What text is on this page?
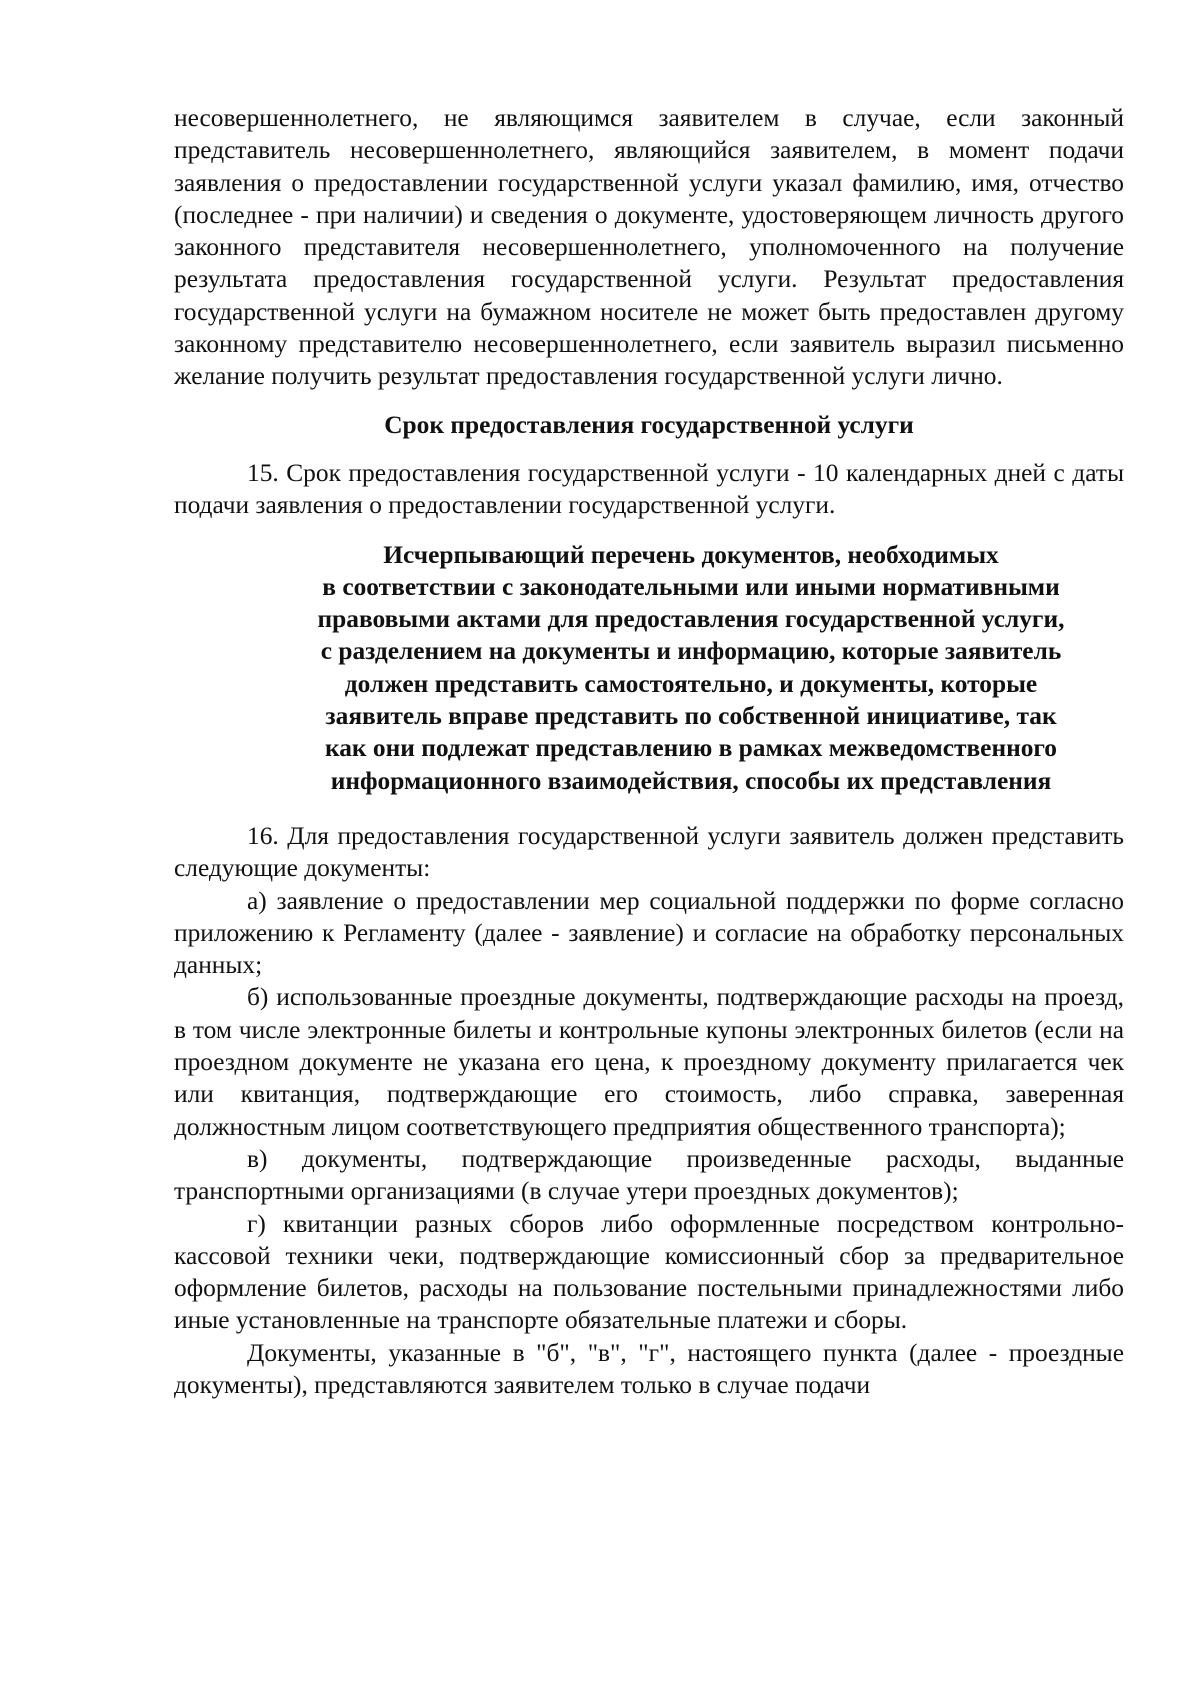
несовершеннолетнего, не являющимся заявителем в случае, если законный представитель несовершеннолетнего, являющийся заявителем, в момент подачи заявления о предоставлении государственной услуги указал фамилию, имя, отчество (последнее - при наличии) и сведения о документе, удостоверяющем личность другого законного представителя несовершеннолетнего, уполномоченного на получение результата предоставления государственной услуги. Результат предоставления государственной услуги на бумажном носителе не может быть предоставлен другому законному представителю несовершеннолетнего, если заявитель выразил письменно желание получить результат предоставления государственной услуги лично.

Срок предоставления государственной услуги

15. Срок предоставления государственной услуги - 10 календарных дней с даты подачи заявления о предоставлении государственной услуги.

Исчерпывающий перечень документов, необходимых
в соответствии с законодательными или иными нормативными
правовыми актами для предоставления государственной услуги,
с разделением на документы и информацию, которые заявитель
должен представить самостоятельно, и документы, которые
заявитель вправе представить по собственной инициативе, так
как они подлежат представлению в рамках межведомственного
информационного взаимодействия, способы их представления

16. Для предоставления государственной услуги заявитель должен представить следующие документы:

а) заявление о предоставлении мер социальной поддержки по форме согласно приложению к Регламенту (далее - заявление) и согласие на обработку персональных данных;

б) использованные проездные документы, подтверждающие расходы на проезд, в том числе электронные билеты и контрольные купоны электронных билетов (если на проездном документе не указана его цена, к проездному документу прилагается чек или квитанция, подтверждающие его стоимость, либо справка, заверенная должностным лицом соответствующего предприятия общественного транспорта);

в) документы, подтверждающие произведенные расходы, выданные транспортными организациями (в случае утери проездных документов);

г) квитанции разных сборов либо оформленные посредством контрольно-кассовой техники чеки, подтверждающие комиссионный сбор за предварительное оформление билетов, расходы на пользование постельными принадлежностями либо иные установленные на транспорте обязательные платежи и сборы.

Документы, указанные в "б", "в", "г", настоящего пункта (далее - проездные документы), представляются заявителем только в случае подачи
